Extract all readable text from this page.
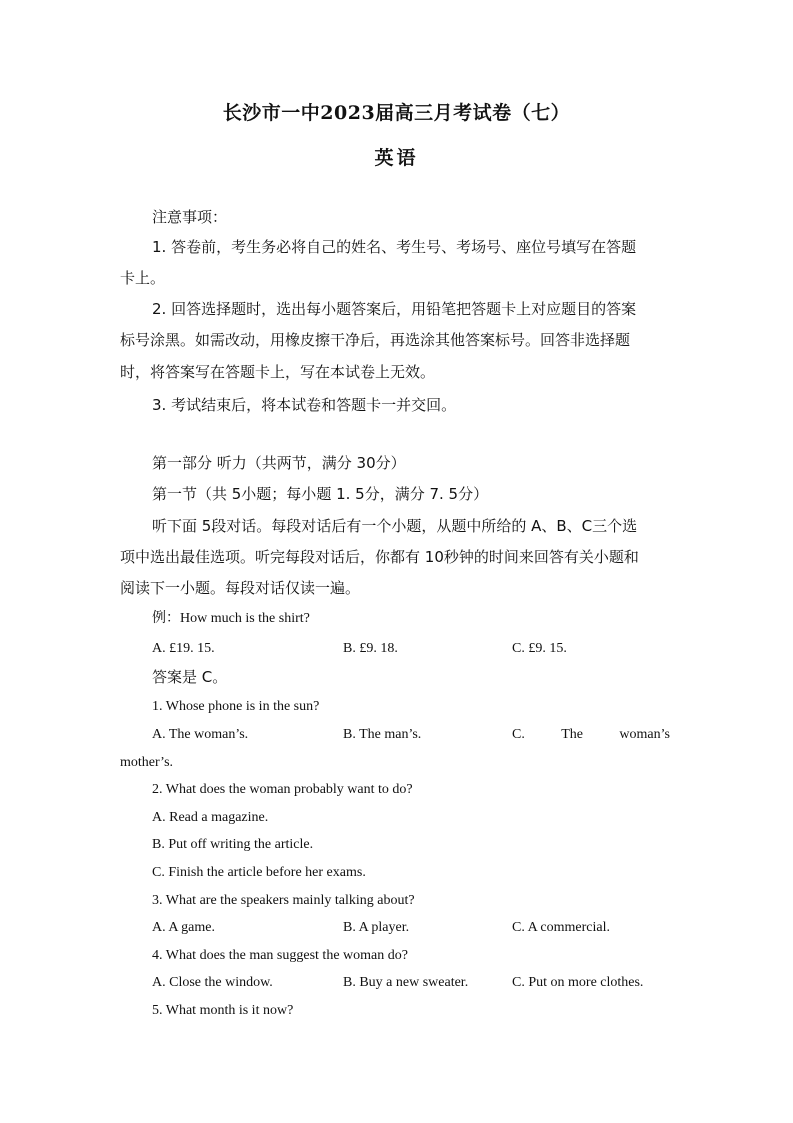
长沙市一中2023届高三月考试卷（七）
英语
注意事项：
1. 答卷前，考生务必将自己的姓名、考生号、考场号、座位号填写在答题
卡上。
2. 回答选择题时，选出每小题答案后，用铅笔把答题卡上对应题目的答案
标号涂黑。如需改动，用橡皮擦干净后，再选涂其他答案标号。回答非选择题
时，将答案写在答题卡上，写在本试卷上无效。
3. 考试结束后，将本试卷和答题卡一并交回。
第一部分 听力（共两节，满分 30分）
第一节（共 5小题；每小题 1. 5分，满分 7. 5分）
听下面 5段对话。每段对话后有一个小题，从题中所给的 A、B、C三个选
项中选出最佳选项。听完每段对话后，你都有 10秒钟的时间来回答有关小题和
阅读下一小题。每段对话仅读一遍。
例：How much is the shirt?
A. £19. 15.	B. £9. 18.	C. £9. 15.
答案是 C。
1. Whose phone is in the sun?
A. The woman’s.	B. The man’s.	C.	The	woman’s
mother’s.
2. What does the woman probably want to do?
A. Read a magazine.
B. Put off writing the article.
C. Finish the article before her exams.
3. What are the speakers mainly talking about?
A. A game.	B. A player.	C. A commercial.
4. What does the man suggest the woman do?
A. Close the window.	B. Buy a new sweater.	C. Put on more clothes.
5. What month is it now?
